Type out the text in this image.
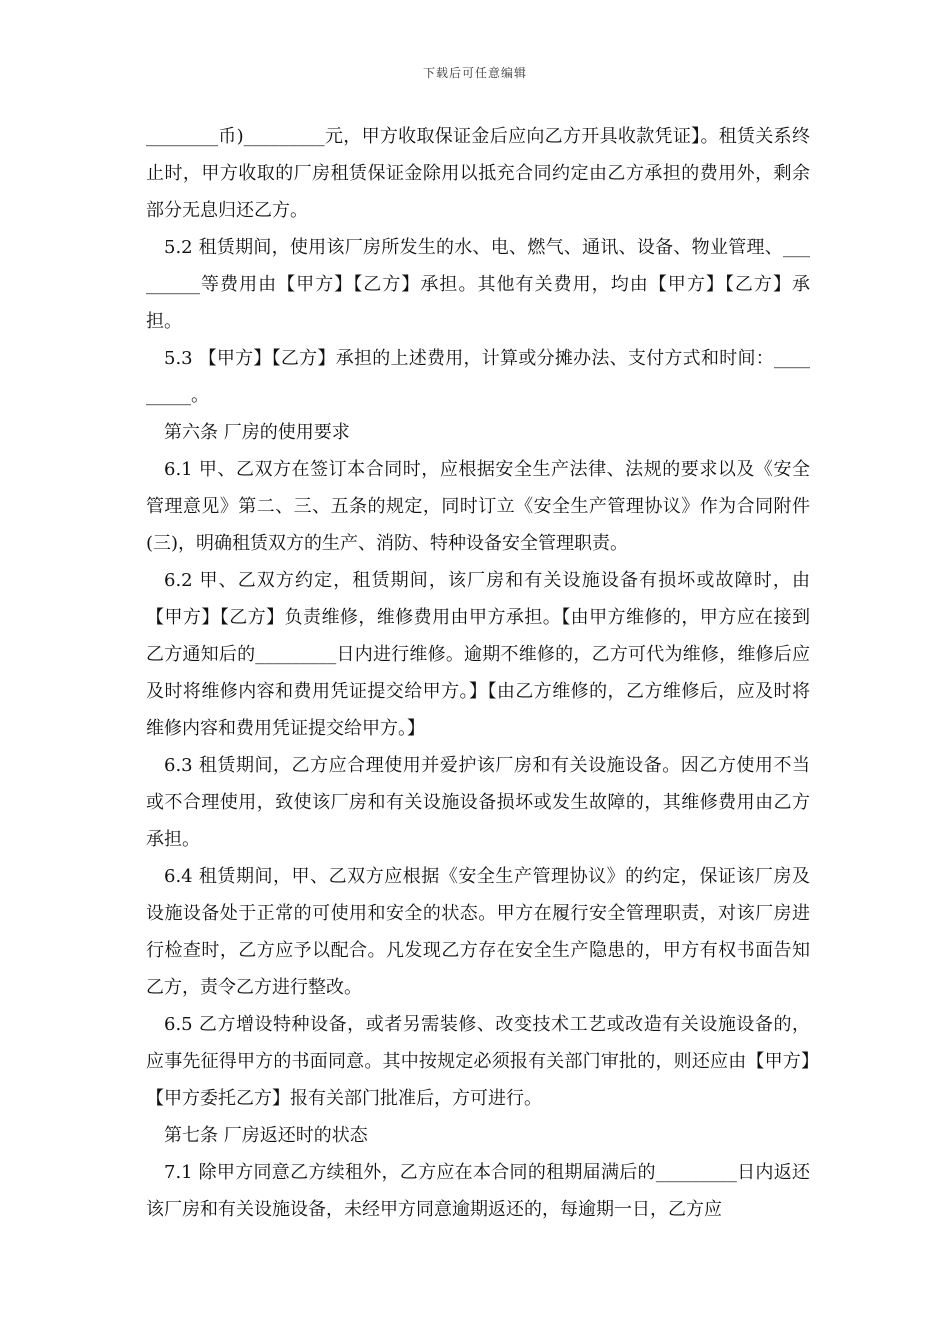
下载后可任意编辑

________币)_________元，甲方收取保证金后应向乙方开具收款凭证】。租赁关系终止时，甲方收取的厂房租赁保证金除用以抵充合同约定由乙方承担的费用外，剩余部分无息归还乙方。

5.2 租赁期间，使用该厂房所发生的水、电、燃气、通讯、设备、物业管理、_________等费用由【甲方】【乙方】承担。其他有关费用，均由【甲方】【乙方】承担。

5.3 【甲方】【乙方】承担的上述费用，计算或分摊办法、支付方式和时间：_________。

第六条 厂房的使用要求

6.1 甲、乙双方在签订本合同时，应根据安全生产法律、法规的要求以及《安全管理意见》第二、三、五条的规定，同时订立《安全生产管理协议》作为合同附件(三)，明确租赁双方的生产、消防、特种设备安全管理职责。

6.2 甲、乙双方约定，租赁期间，该厂房和有关设施设备有损坏或故障时，由【甲方】【乙方】负责维修，维修费用由甲方承担。【由甲方维修的，甲方应在接到乙方通知后的_________日内进行维修。逾期不维修的，乙方可代为维修，维修后应及时将维修内容和费用凭证提交给甲方。】【由乙方维修的，乙方维修后，应及时将维修内容和费用凭证提交给甲方。】

6.3 租赁期间，乙方应合理使用并爱护该厂房和有关设施设备。因乙方使用不当或不合理使用，致使该厂房和有关设施设备损坏或发生故障的，其维修费用由乙方承担。

6.4 租赁期间，甲、乙双方应根据《安全生产管理协议》的约定，保证该厂房及设施设备处于正常的可使用和安全的状态。甲方在履行安全管理职责，对该厂房进行检查时，乙方应予以配合。凡发现乙方存在安全生产隐患的，甲方有权书面告知乙方，责令乙方进行整改。

6.5 乙方增设特种设备，或者另需装修、改变技术工艺或改造有关设施设备的，应事先征得甲方的书面同意。其中按规定必须报有关部门审批的，则还应由【甲方】【甲方委托乙方】报有关部门批准后，方可进行。

第七条 厂房返还时的状态

7.1 除甲方同意乙方续租外，乙方应在本合同的租期届满后的_________日内返还该厂房和有关设施设备，未经甲方同意逾期返还的，每逾期一日，乙方应
